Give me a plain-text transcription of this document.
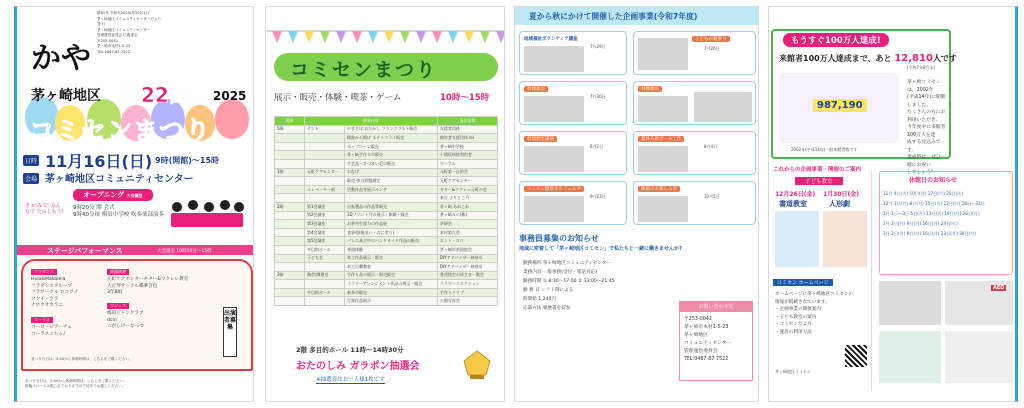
第61号 令和7(2025)年10月1日
茅ヶ崎地区コミュニティセンターだより
発 行
茅ヶ崎地区コミュニティセンター
管理運営委員会 広報部会
〒253-0042
茅ヶ崎市本村1-5-23
TEL 0467-87-7522
かや
茅ヶ崎地区 第22回 2025
コミセンまつり
日時 11月16日(日) 9時(開館)～15時
会場 茅ヶ崎地区コミュニティセンター
オープニング 大会議室
さぁ!みて! みんなで たのしもう!
9時20分 開 会式
9時40分頃 梅田中学校 吹奏楽部演奏
ステージパフォーマンス	大会議室 10時10分～15時
フラダンス
Hula&Makaleia
フラダンスグループ
フラサークル ロコワイ
ククイ・ララ
ナホクオカラニ
コーラス
コーロ・ピアーチェ
コーラスこちゃ♪
楽器演奏
元町ケアセンターギター&ウクレレ教室
大正琴サークル蝶華音色
3年B組
マジック
梅田ジャンクラブ
dcm
こがしけーなっつ
まつり当日は、9:00から休館時間は、こちらをご覧ください。
出演者募集
まつり当日は、9:00から休館時間は、こちらをご覧ください。
駐輪スペースは限られておりますので徒歩でお越しください。
コミセンまつり
展示・販売・体験・喫茶・ゲーム	10時～15時
場所	催事内容		出店団体
5階	テント	やきそば おだかし フランクフルト販売	支援者団体
		精進から揚げ ポテトフライ販売	障害者支援団体 lol
		ポップコーン販売	茅ヶ崎中学校
		茅ヶ崎手作り市販売	十間坂病院利用者
		手芸品・さつまい毛の販売	ワーウル
1階	元町ケアセンター	わなげ	元町第一自治会
		販売 体力形態測定	元町ケアセンター
	エレベーター前	活動作品等展示ルンサ	ギター&ウクレレ元町の会
			本日 よりとこ乃
2階	第1会議室	自家製品の作品等販売	茅ヶ崎 あれこれ
	第2会議室	3Dプリント月の展示・体験・販売	茅ヶ崎ＡＣ(株)
	第3会議室	お茶丹生協力の作品展	茅研会
	第4会議室	食事処(焼まい・おにぎり)	本村第九会
	第5会議室	バレエ具合中のハンドメイド作品の販売	ロント・ロウ
	多目的ホール	茶道体験	茅ヶ崎市茶道協会
	子ども室	木工作品展示・販売	DIYアドバイザー神奈川
		木工日曜教室	DIYアドバイザー神奈川
3階	陶芸/調理室	手作り品の展示・即売販売	書道協会の皆さま・教会
		フラワーアレンジメント作品の展示・販売	フラワーコネクション
	多目的ホール	新茶市販売	手作りクラブ
		写真作品展示	公園写真会
2階 多目的ホール 11時～14時30分
おたのしみ ガラポン抽選会
※抽選券はお一人様1枚です
夏から秋にかけて開催した企画事業(令和7年度)
地域福祉ボランティア講座
7月29日
料理教室
7月30日
料理教室講座
8月2日
コミセン健康まちフェスタ
9月23日
子どもの夏祭り
7月26日
料理教室
夏休み段ボール工作
8月4日
映画のお楽しみ会
10月5日
事務員募集のお知らせ
地域に密着して「茅ヶ崎地区コミセン」で私たちと一緒に働きませんか?
勤務場所 茅ヶ崎地区コミュニティセンター
業務内容 一般事務(受付・電話対応)
勤務時間 ① 8:30～17:00 ② 13:00～21:45
勤 務 日 シフト制による
時間給 1,240円
応募方法 履歴書を持参	お問い合わせ先
〒253-0042
茅ヶ崎市本村1-5-23
茅ヶ崎地区
コミュニティセンター
管理運営委員会
TEL:0467-87-7522
もうすぐ100万人達成!
来館者100万人達成まで、あと 12,810人です
(令和7年8月末)
987,190
2002年(平成14年)一般来館者数です
茅ヶ崎コミセンは、2002年
(平成14年)に開館しました。
たくさんの方にお利用いただき、
今年度中に来館者100万人を達
成する見込みです。
達成時は、ぜひ一緒にお祝い
しましょう!
これからの企画事業・開催のご案内
子ども教室
12月26日(金)
書道教室
1月30日(金)
人形劇
休館日のお知らせ
11月 4日(火) 10日(月) 17日(月) 25日(火)
12月 1日(月) 8日(月) 15日(月) 22日(月) 28日～31日
1月 1日～3日 5日(月) 13日(火) 19日(月) 26日(月)
2月 2日(月) 9日(月) 16日(月) 24日(火)
3月 2日(月) 9日(月) 16日(月) 23日(月) 30日(月)
コミセン ホームページ
ホームページに茅ヶ崎地区コミセンの
情報が掲載されています。
・企画事業の開催案内
・子ども教室の案内
・コミセンだより
・施設の利用方法
茅ヶ崎地区コミセン
AED
